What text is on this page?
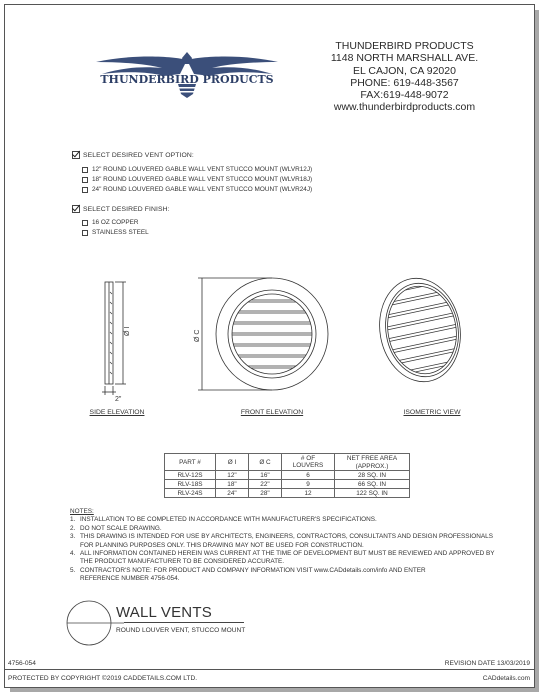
THUNDERBIRD PRODUCTS
THUNDERBIRD PRODUCTS
1148 NORTH MARSHALL AVE.
EL CAJON, CA 92020
PHONE: 619-448-3567
FAX:619-448-9072
www.thunderbirdproducts.com
SELECT DESIRED VENT OPTION:
12" ROUND LOUVERED GABLE WALL VENT STUCCO MOUNT (WLVR12J)
18" ROUND LOUVERED GABLE WALL VENT STUCCO MOUNT (WLVR18J)
24" ROUND LOUVERED GABLE WALL VENT STUCCO MOUNT (WLVR24J)
SELECT DESIRED FINISH:
16 OZ COPPER
STAINLESS STEEL
Ø I
2"
SIDE ELEVATION
Ø C
FRONT ELEVATION	ISOMETRIC VIEW
PART #	Ø I	Ø C	# OF LOUVERS	NET FREE AREA
				(APPROX.)
RLV-12S	12"	16"	6	28 SQ. IN
RLV-18S	18"	22"	9	66 SQ. IN
RLV-24S	24"	28"	12	122 SQ. IN
NOTES:
1. INSTALLATION TO BE COMPLETED IN ACCORDANCE WITH MANUFACTURER'S SPECIFICATIONS.
2. DO NOT SCALE DRAWING.
3. THIS DRAWING IS INTENDED FOR USE BY ARCHITECTS, ENGINEERS, CONTRACTORS, CONSULTANTS AND DESIGN PROFESSIONALS
FOR PLANNING PURPOSES ONLY. THIS DRAWING MAY NOT BE USED FOR CONSTRUCTION.
4. ALL INFORMATION CONTAINED HEREIN WAS CURRENT AT THE TIME OF DEVELOPMENT BUT MUST BE REVIEWED AND APPROVED BY
THE PRODUCT MANUFACTURER TO BE CONSIDERED ACCURATE.
5. CONTRACTOR'S NOTE: FOR PRODUCT AND COMPANY INFORMATION VISIT www.CADdetails.com/info AND ENTER
REFERENCE NUMBER 4756-054.
WALL VENTS
ROUND LOUVER VENT, STUCCO MOUNT
4756-054	REVISION DATE 13/03/2019
PROTECTED BY COPYRIGHT ©2019 CADDETAILS.COM LTD.	CADdetails.com
